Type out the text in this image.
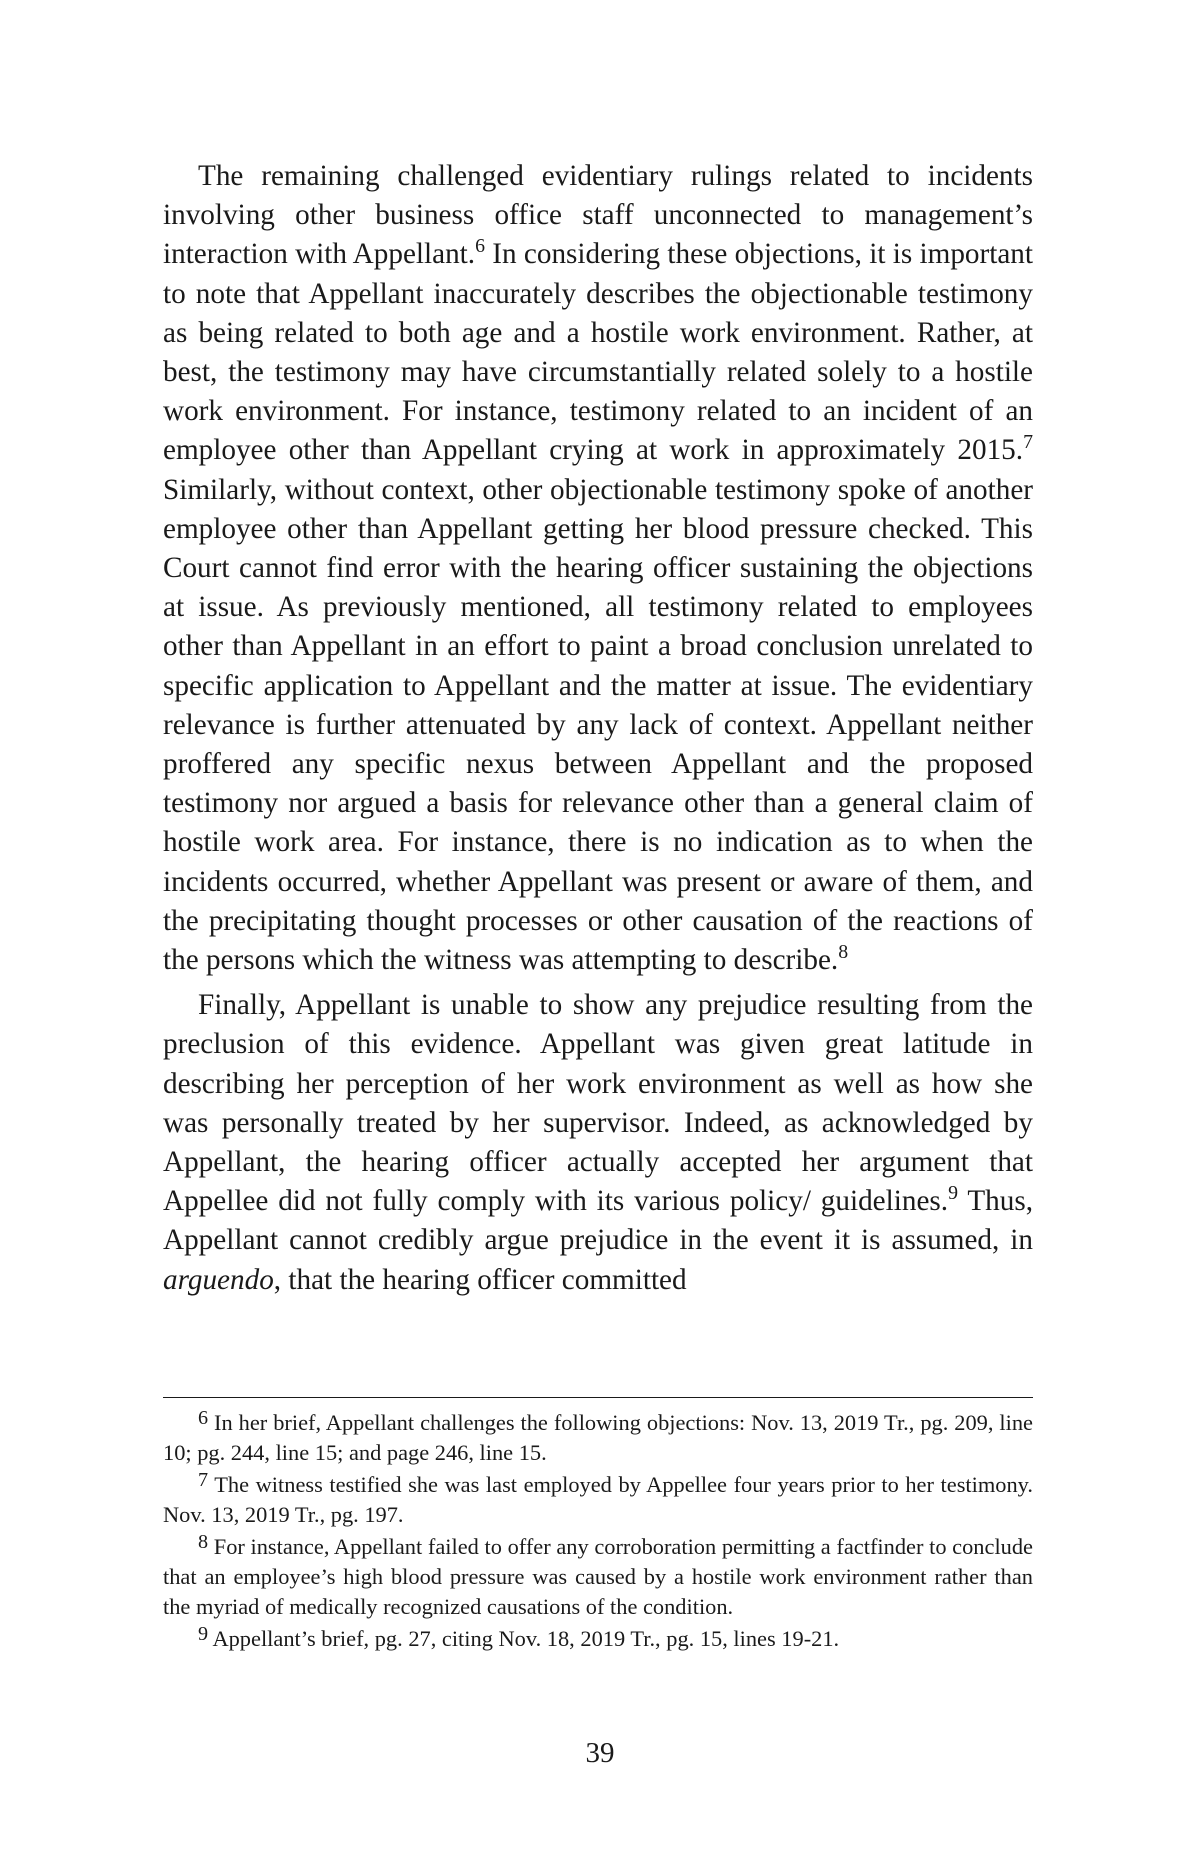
The remaining challenged evidentiary rulings related to incidents involving other business office staff unconnected to management’s interaction with Appellant.$^6$ In considering these objections, it is important to note that Appellant inaccurately describes the objectionable testimony as being related to both age and a hostile work environment. Rather, at best, the testimony may have circumstantially related solely to a hostile work environment. For instance, testimony related to an incident of an employee other than Appellant crying at work in approximately 2015.$^7$ Similarly, without context, other objectionable testimony spoke of another employee other than Appellant getting her blood pressure checked. This Court cannot find error with the hearing officer sustaining the objections at issue. As previously mentioned, all testimony related to employees other than Appellant in an effort to paint a broad conclusion unrelated to specific application to Appellant and the matter at issue. The evidentiary relevance is further attenuated by any lack of context. Appellant neither proffered any specific nexus between Appellant and the proposed testimony nor argued a basis for relevance other than a general claim of hostile work area. For instance, there is no indication as to when the incidents occurred, whether Appellant was present or aware of them, and the precipitating thought processes or other causation of the reactions of the persons which the witness was attempting to describe.$^8$

Finally, Appellant is unable to show any prejudice resulting from the preclusion of this evidence. Appellant was given great latitude in describing her perception of her work environment as well as how she was personally treated by her supervisor. Indeed, as acknowledged by Appellant, the hearing officer actually accepted her argument that Appellee did not fully comply with its various policy/ guidelines.$^9$ Thus, Appellant cannot credibly argue prejudice in the event it is assumed, in arguendo, that the hearing officer committed

$^6$ In her brief, Appellant challenges the following objections: Nov. 13, 2019 Tr., pg. 209, line 10; pg. 244, line 15; and page 246, line 15.

$^7$ The witness testified she was last employed by Appellee four years prior to her testimony. Nov. 13, 2019 Tr., pg. 197.

$^8$ For instance, Appellant failed to offer any corroboration permitting a factfinder to conclude that an employee’s high blood pressure was caused by a hostile work environment rather than the myriad of medically recognized causations of the condition.

$^9$ Appellant’s brief, pg. 27, citing Nov. 18, 2019 Tr., pg. 15, lines 19-21.

39
